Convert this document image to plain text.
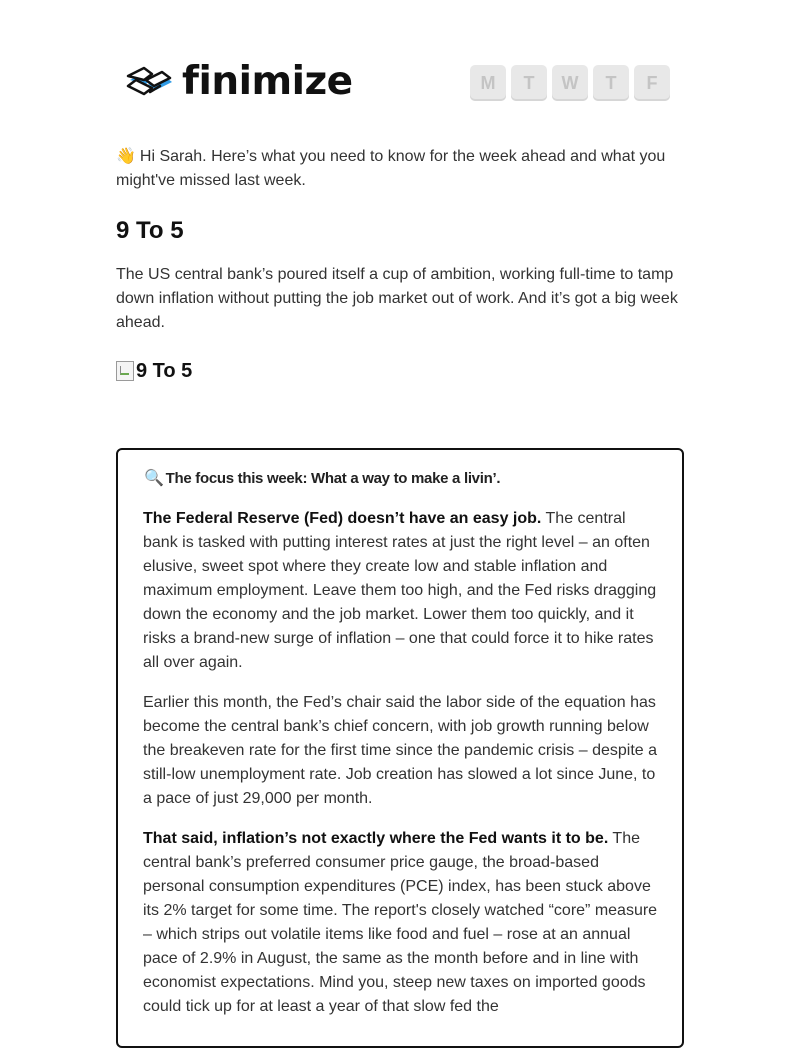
finimize	M	T	W	T	F

👋 Hi Sarah. Here’s what you need to know for the week ahead and what you might've missed last week.

9 To 5

The US central bank’s poured itself a cup of ambition, working full-time to tamp down inflation without putting the job market out of work. And it’s got a big week ahead.

9 To 5

🔍 The focus this week: What a way to make a livin’.

The Federal Reserve (Fed) doesn’t have an easy job. The central bank is tasked with putting interest rates at just the right level – an often elusive, sweet spot where they create low and stable inflation and maximum employment. Leave them too high, and the Fed risks dragging down the economy and the job market. Lower them too quickly, and it risks a brand-new surge of inflation – one that could force it to hike rates all over again.

Earlier this month, the Fed’s chair said the labor side of the equation has become the central bank’s chief concern, with job growth running below the breakeven rate for the first time since the pandemic crisis – despite a still-low unemployment rate. Job creation has slowed a lot since June, to a pace of just 29,000 per month.

That said, inflation’s not exactly where the Fed wants it to be. The central bank’s preferred consumer price gauge, the broad-based personal consumption expenditures (PCE) index, has been stuck above its 2% target for some time. The report's closely watched “core” measure – which strips out volatile items like food and fuel – rose at an annual pace of 2.9% in August, the same as the month before and in line with economist expectations. Mind you, steep new taxes on imported goods could tick up for at least a year of that slow fed the
